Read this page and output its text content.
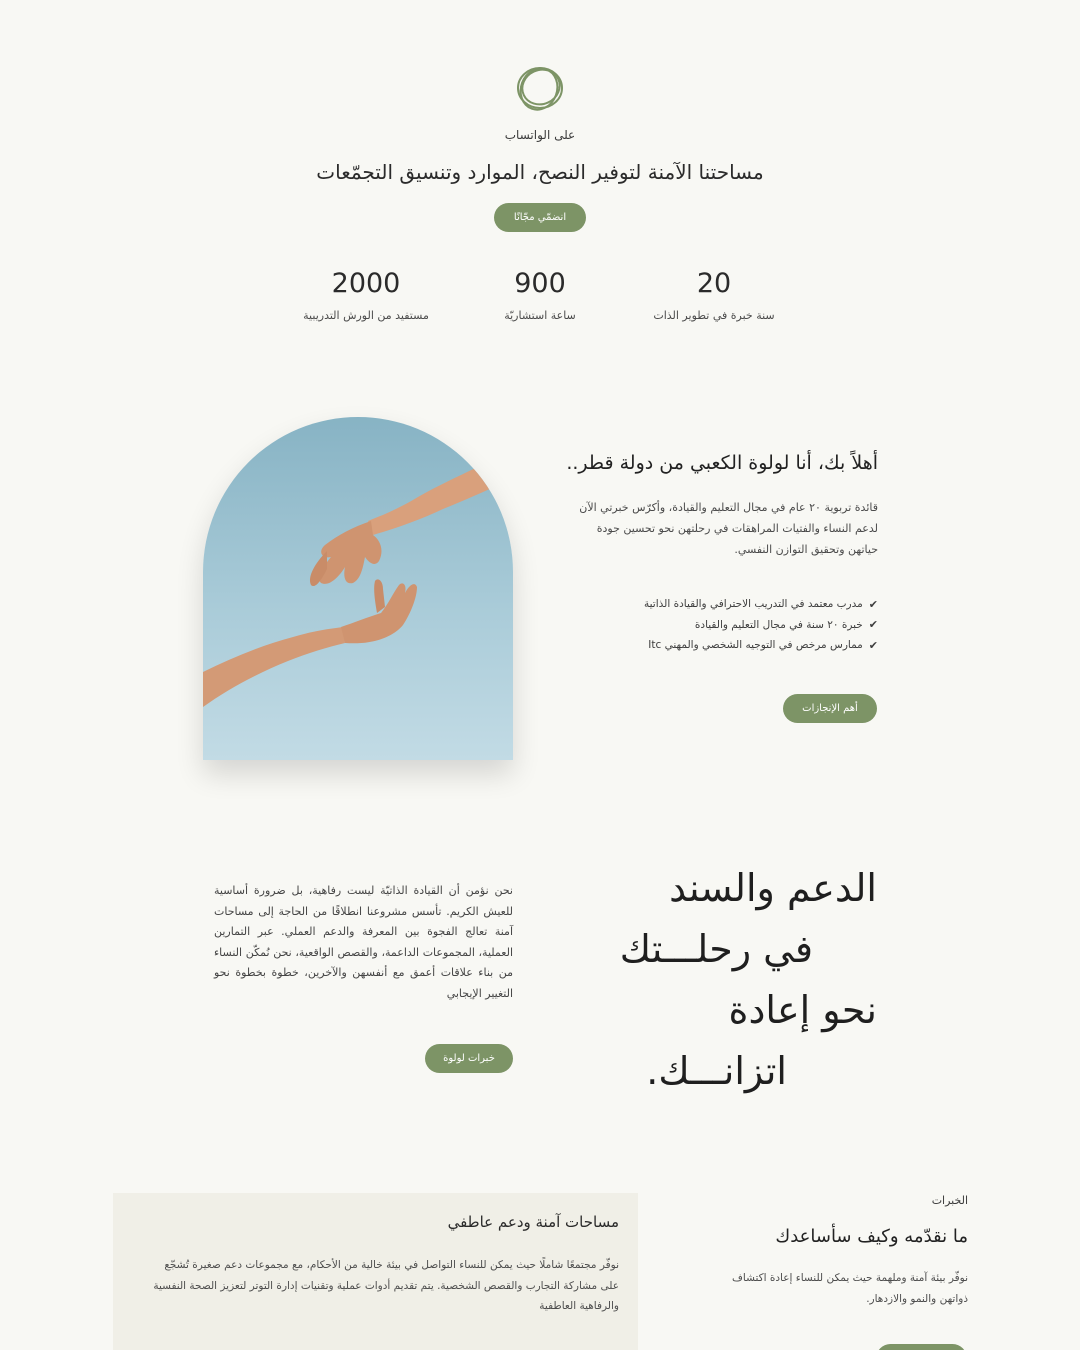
على الواتساب
مساحتنا الآمنة لتوفير النصح، الموارد وتنسيق التجمّعات
انضمّي مجّانًا
20
سنة خبرة في تطوير الذات
900
ساعة استشاريّة
2000
مستفيد من الورش التدريبية
أهلاً بك، أنا لولوة الكعبي من دولة قطر..

قائدة تربوية ٢٠ عام في مجال التعليم والقيادة، وأكرّس خبرتي الآن لدعم النساء والفتيات المراهقات في رحلتهن نحو تحسين جودة حياتهن وتحقيق التوازن النفسي.

✔
مدرب معتمد في التدريب الاحترافي والقيادة الذاتية
✔
خبرة ٢٠ سنة في مجال التعليم والقيادة
✔
ممارس مرخص في التوجيه الشخصي والمهني Itc
أهم الإنجازات
الدعم والسند
في رحلـــتك
نحو إعادة
اتزانـــك.

نحن نؤمن أن القيادة الذاتيّة ليست رفاهية، بل ضرورة أساسية للعيش الكريم. تأسس مشروعنا انطلاقًا من الحاجة إلى مساحات آمنة تعالج الفجوة بين المعرفة والدعم العملي. عبر التمارين العملية، المجموعات الداعمة، والقصص الواقعية، نحن نُمكّن النساء من بناء علاقات أعمق مع أنفسهن والآخرين، خطوة بخطوة نحو التغيير الإيجابي

خبرات لولوة
مساحات آمنة ودعم عاطفي

نوفّر مجتمعًا شاملًا حيث يمكن للنساء التواصل في بيئة خالية من الأحكام، مع مجموعات دعم صغيرة تُشجّع على مشاركة التجارب والقصص الشخصية. يتم تقديم أدوات عملية وتقنيات إدارة التوتر لتعزيز الصحة النفسية والرفاهية العاطفية

الخبرات
ما نقدّمه وكيف سأساعدك

نوفّر بيئة آمنة وملهمة حيث يمكن للنساء إعادة اكتشاف ذواتهن والنمو والازدهار.
